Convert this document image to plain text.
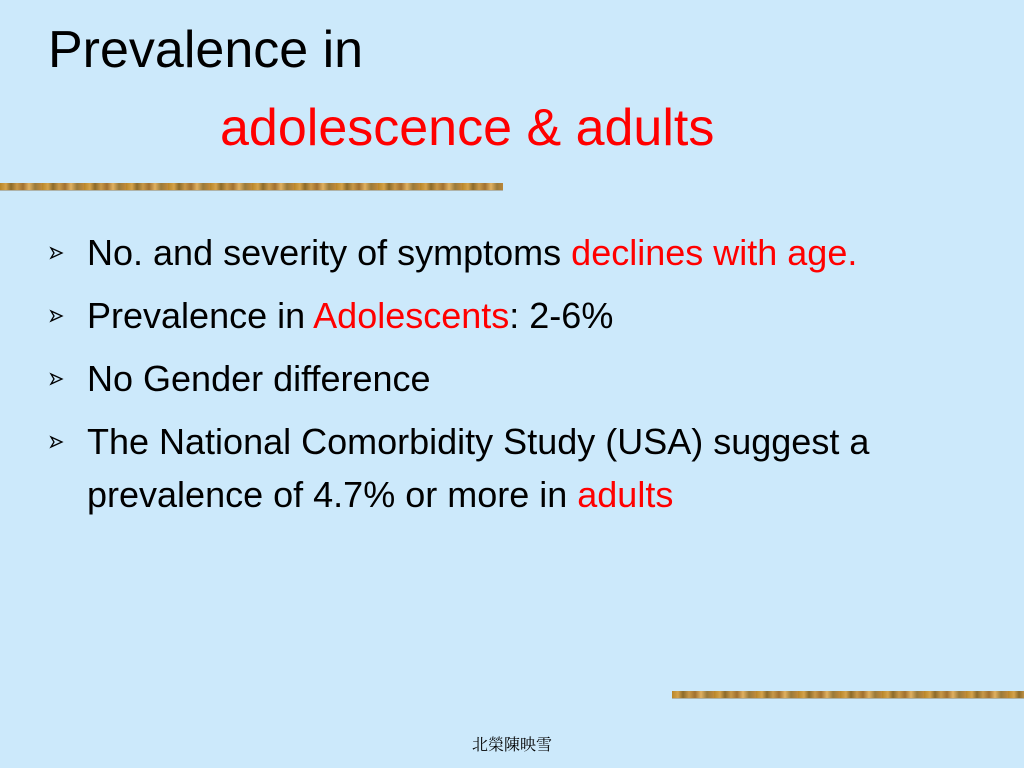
Prevalence in
adolescence & adults
No. and severity of symptoms declines with age.
Prevalence in Adolescents: 2-6%
No Gender difference
The National Comorbidity Study (USA) suggest a prevalence of 4.7% or more in adults
北榮陳映雪
